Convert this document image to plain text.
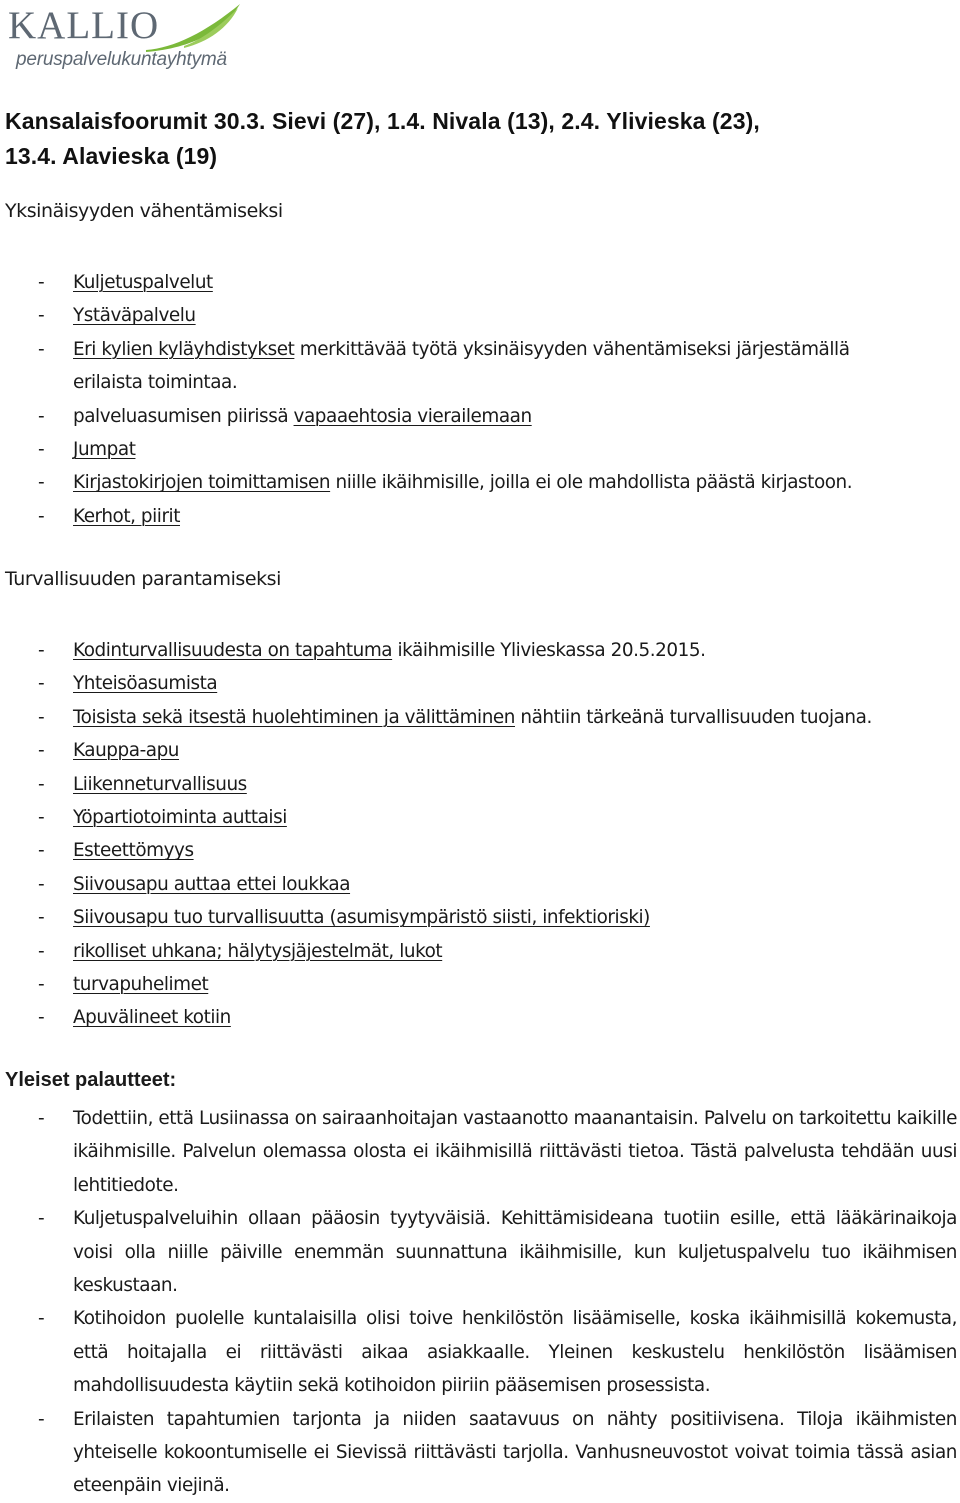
KALLIO
peruspalvelukuntayhtymä
Kansalaisfoorumit 30.3. Sievi (27), 1.4. Nivala (13), 2.4. Ylivieska (23),
13.4. Alavieska (19)
Yksinäisyyden vähentämiseksi
- Kuljetuspalvelut
- Ystäväpalvelu
- Eri kylien kyläyhdistykset merkittävää työtä yksinäisyyden vähentämiseksi järjestämällä
erilaista toimintaa.
- palveluasumisen piirissä vapaaehtosia vierailemaan
- Jumpat
- Kirjastokirjojen toimittamisen niille ikäihmisille, joilla ei ole mahdollista päästä kirjastoon.
- Kerhot, piirit
Turvallisuuden parantamiseksi
- Kodinturvallisuudesta on tapahtuma ikäihmisille Ylivieskassa 20.5.2015.
- Yhteisöasumista
- Toisista sekä itsestä huolehtiminen ja välittäminen nähtiin tärkeänä turvallisuuden tuojana.
- Kauppa-apu
- Liikenneturvallisuus
- Yöpartiotoiminta auttaisi
- Esteettömyys
- Siivousapu auttaa ettei loukkaa
- Siivousapu tuo turvallisuutta (asumisympäristö siisti, infektioriski)
- rikolliset uhkana; hälytysjäjestelmät, lukot
- turvapuhelimet
- Apuvälineet kotiin
Yleiset palautteet:
- Todettiin, että Lusiinassa on sairaanhoitajan vastaanotto maanantaisin. Palvelu on tarkoitettu kaikille ikäihmisille. Palvelun olemassa olosta ei ikäihmisillä riittävästi tietoa. Tästä palvelusta tehdään uusi lehtitiedote.
- Kuljetuspalveluihin ollaan pääosin tyytyväisiä. Kehittämisideana tuotiin esille, että lääkärinaikoja voisi olla niille päiville enemmän suunnattuna ikäihmisille, kun kuljetuspalvelu tuo ikäihmisen keskustaan.
- Kotihoidon puolelle kuntalaisilla olisi toive henkilöstön lisäämiselle, koska ikäihmisillä kokemusta, että hoitajalla ei riittävästi aikaa asiakkaalle. Yleinen keskustelu henkilöstön lisäämisen mahdollisuudesta käytiin sekä kotihoidon piiriin pääsemisen prosessista.
- Erilaisten tapahtumien tarjonta ja niiden saatavuus on nähty positiivisena. Tiloja ikäihmisten yhteiselle kokoontumiselle ei Sievissä riittävästi tarjolla. Vanhusneuvostot voivat toimia tässä asian eteenpäin viejinä.
